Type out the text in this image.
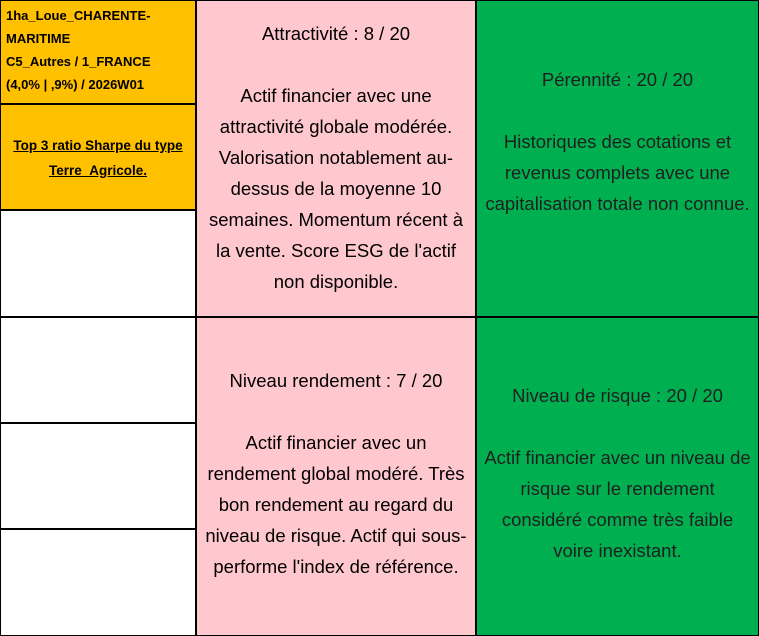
1ha_Loue_CHARENTE-MARITIME
C5_Autres / 1_FRANCE
(4,0% | ,9%) / 2026W01
Top 3 ratio Sharpe du type Terre_Agricole.
Attractivité : 8 / 20
Actif financier avec une attractivité globale modérée. Valorisation notablement au-dessus de la moyenne 10 semaines. Momentum récent à la vente. Score ESG de l'actif non disponible.
Pérennité : 20 / 20
Historiques des cotations et revenus complets avec une capitalisation totale non connue.
Niveau rendement : 7 / 20
Actif financier avec un rendement global modéré. Très bon rendement au regard du niveau de risque. Actif qui sous-performe l'index de référence.
Niveau de risque : 20 / 20
Actif financier avec un niveau de risque sur le rendement considéré comme très faible voire inexistant.
